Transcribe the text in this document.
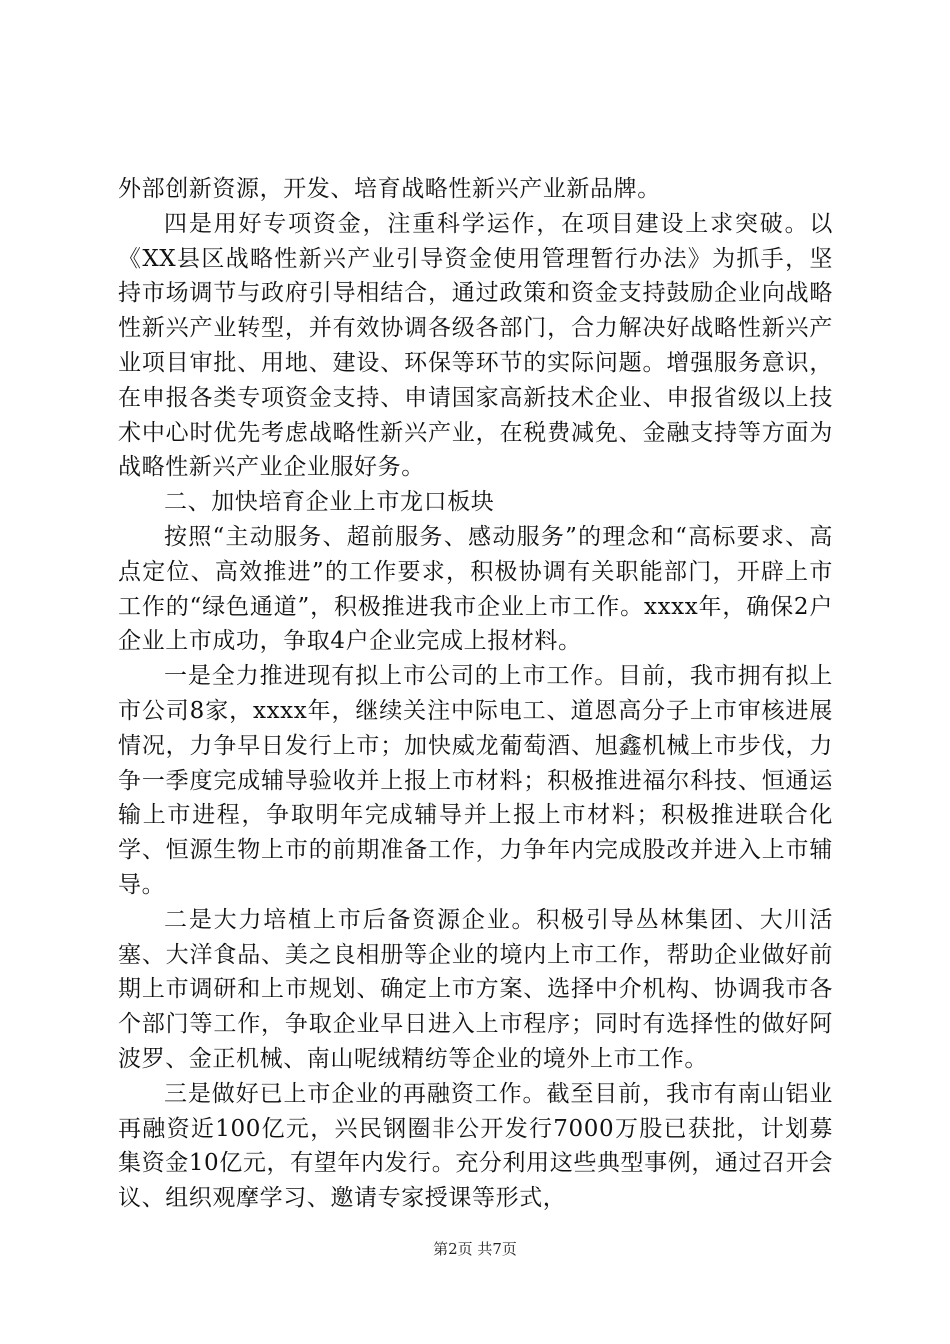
外部创新资源，开发、培育战略性新兴产业新品牌。

四是用好专项资金，注重科学运作，在项目建设上求突破。以《XX县区战略性新兴产业引导资金使用管理暂行办法》为抓手，坚持市场调节与政府引导相结合，通过政策和资金支持鼓励企业向战略性新兴产业转型，并有效协调各级各部门，合力解决好战略性新兴产业项目审批、用地、建设、环保等环节的实际问题。增强服务意识，在申报各类专项资金支持、申请国家高新技术企业、申报省级以上技术中心时优先考虑战略性新兴产业，在税费减免、金融支持等方面为战略性新兴产业企业服好务。

二、加快培育企业上市龙口板块

按照“主动服务、超前服务、感动服务”的理念和“高标要求、高点定位、高效推进”的工作要求，积极协调有关职能部门，开辟上市工作的“绿色通道”，积极推进我市企业上市工作。xxxx年，确保2户企业上市成功，争取4户企业完成上报材料。

一是全力推进现有拟上市公司的上市工作。目前，我市拥有拟上市公司8家，xxxx年，继续关注中际电工、道恩高分子上市审核进展情况，力争早日发行上市；加快威龙葡萄酒、旭鑫机械上市步伐，力争一季度完成辅导验收并上报上市材料；积极推进福尔科技、恒通运输上市进程，争取明年完成辅导并上报上市材料；积极推进联合化学、恒源生物上市的前期准备工作，力争年内完成股改并进入上市辅导。

二是大力培植上市后备资源企业。积极引导丛林集团、大川活塞、大洋食品、美之良相册等企业的境内上市工作，帮助企业做好前期上市调研和上市规划、确定上市方案、选择中介机构、协调我市各个部门等工作，争取企业早日进入上市程序；同时有选择性的做好阿波罗、金正机械、南山呢绒精纺等企业的境外上市工作。

三是做好已上市企业的再融资工作。截至目前，我市有南山铝业再融资近100亿元，兴民钢圈非公开发行7000万股已获批，计划募集资金10亿元，有望年内发行。充分利用这些典型事例，通过召开会议、组织观摩学习、邀请专家授课等形式，

第2页 共7页
